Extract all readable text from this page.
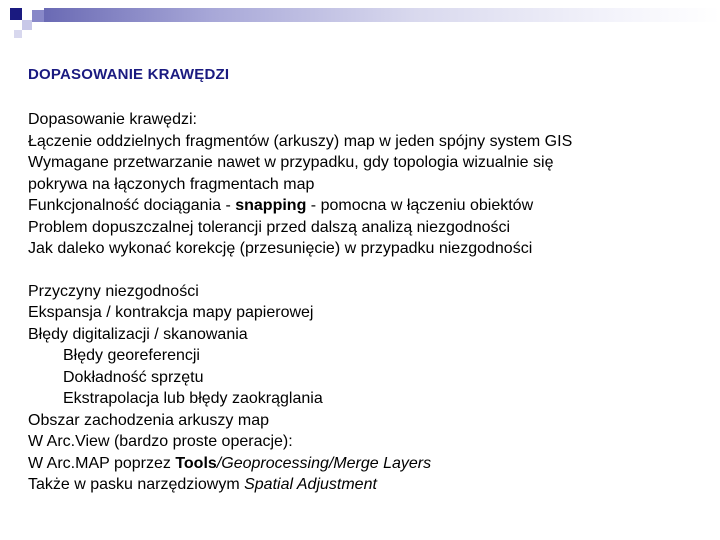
DOPASOWANIE KRAWĘDZI
Dopasowanie krawędzi:
Łączenie oddzielnych fragmentów (arkuszy) map w jeden spójny system GIS
Wymagane przetwarzanie nawet w przypadku, gdy topologia wizualnie się
pokrywa na łączonych fragmentach map
Funkcjonalność dociągania - snapping - pomocna w łączeniu obiektów
Problem dopuszczalnej tolerancji przed dalszą analizą niezgodności
Jak daleko wykonać korekcję (przesunięcie) w przypadku niezgodności
Przyczyny niezgodności
Ekspansja / kontrakcja mapy papierowej
Błędy digitalizacji / skanowania
Błędy georeferencji
Dokładność sprzętu
Ekstrapolacja lub błędy zaokrąglania
Obszar zachodzenia arkuszy map
W Arc.View (bardzo proste operacje):
W Arc.MAP poprzez Tools/Geoprocessing/Merge Layers
Także w pasku narzędziowym Spatial Adjustment
